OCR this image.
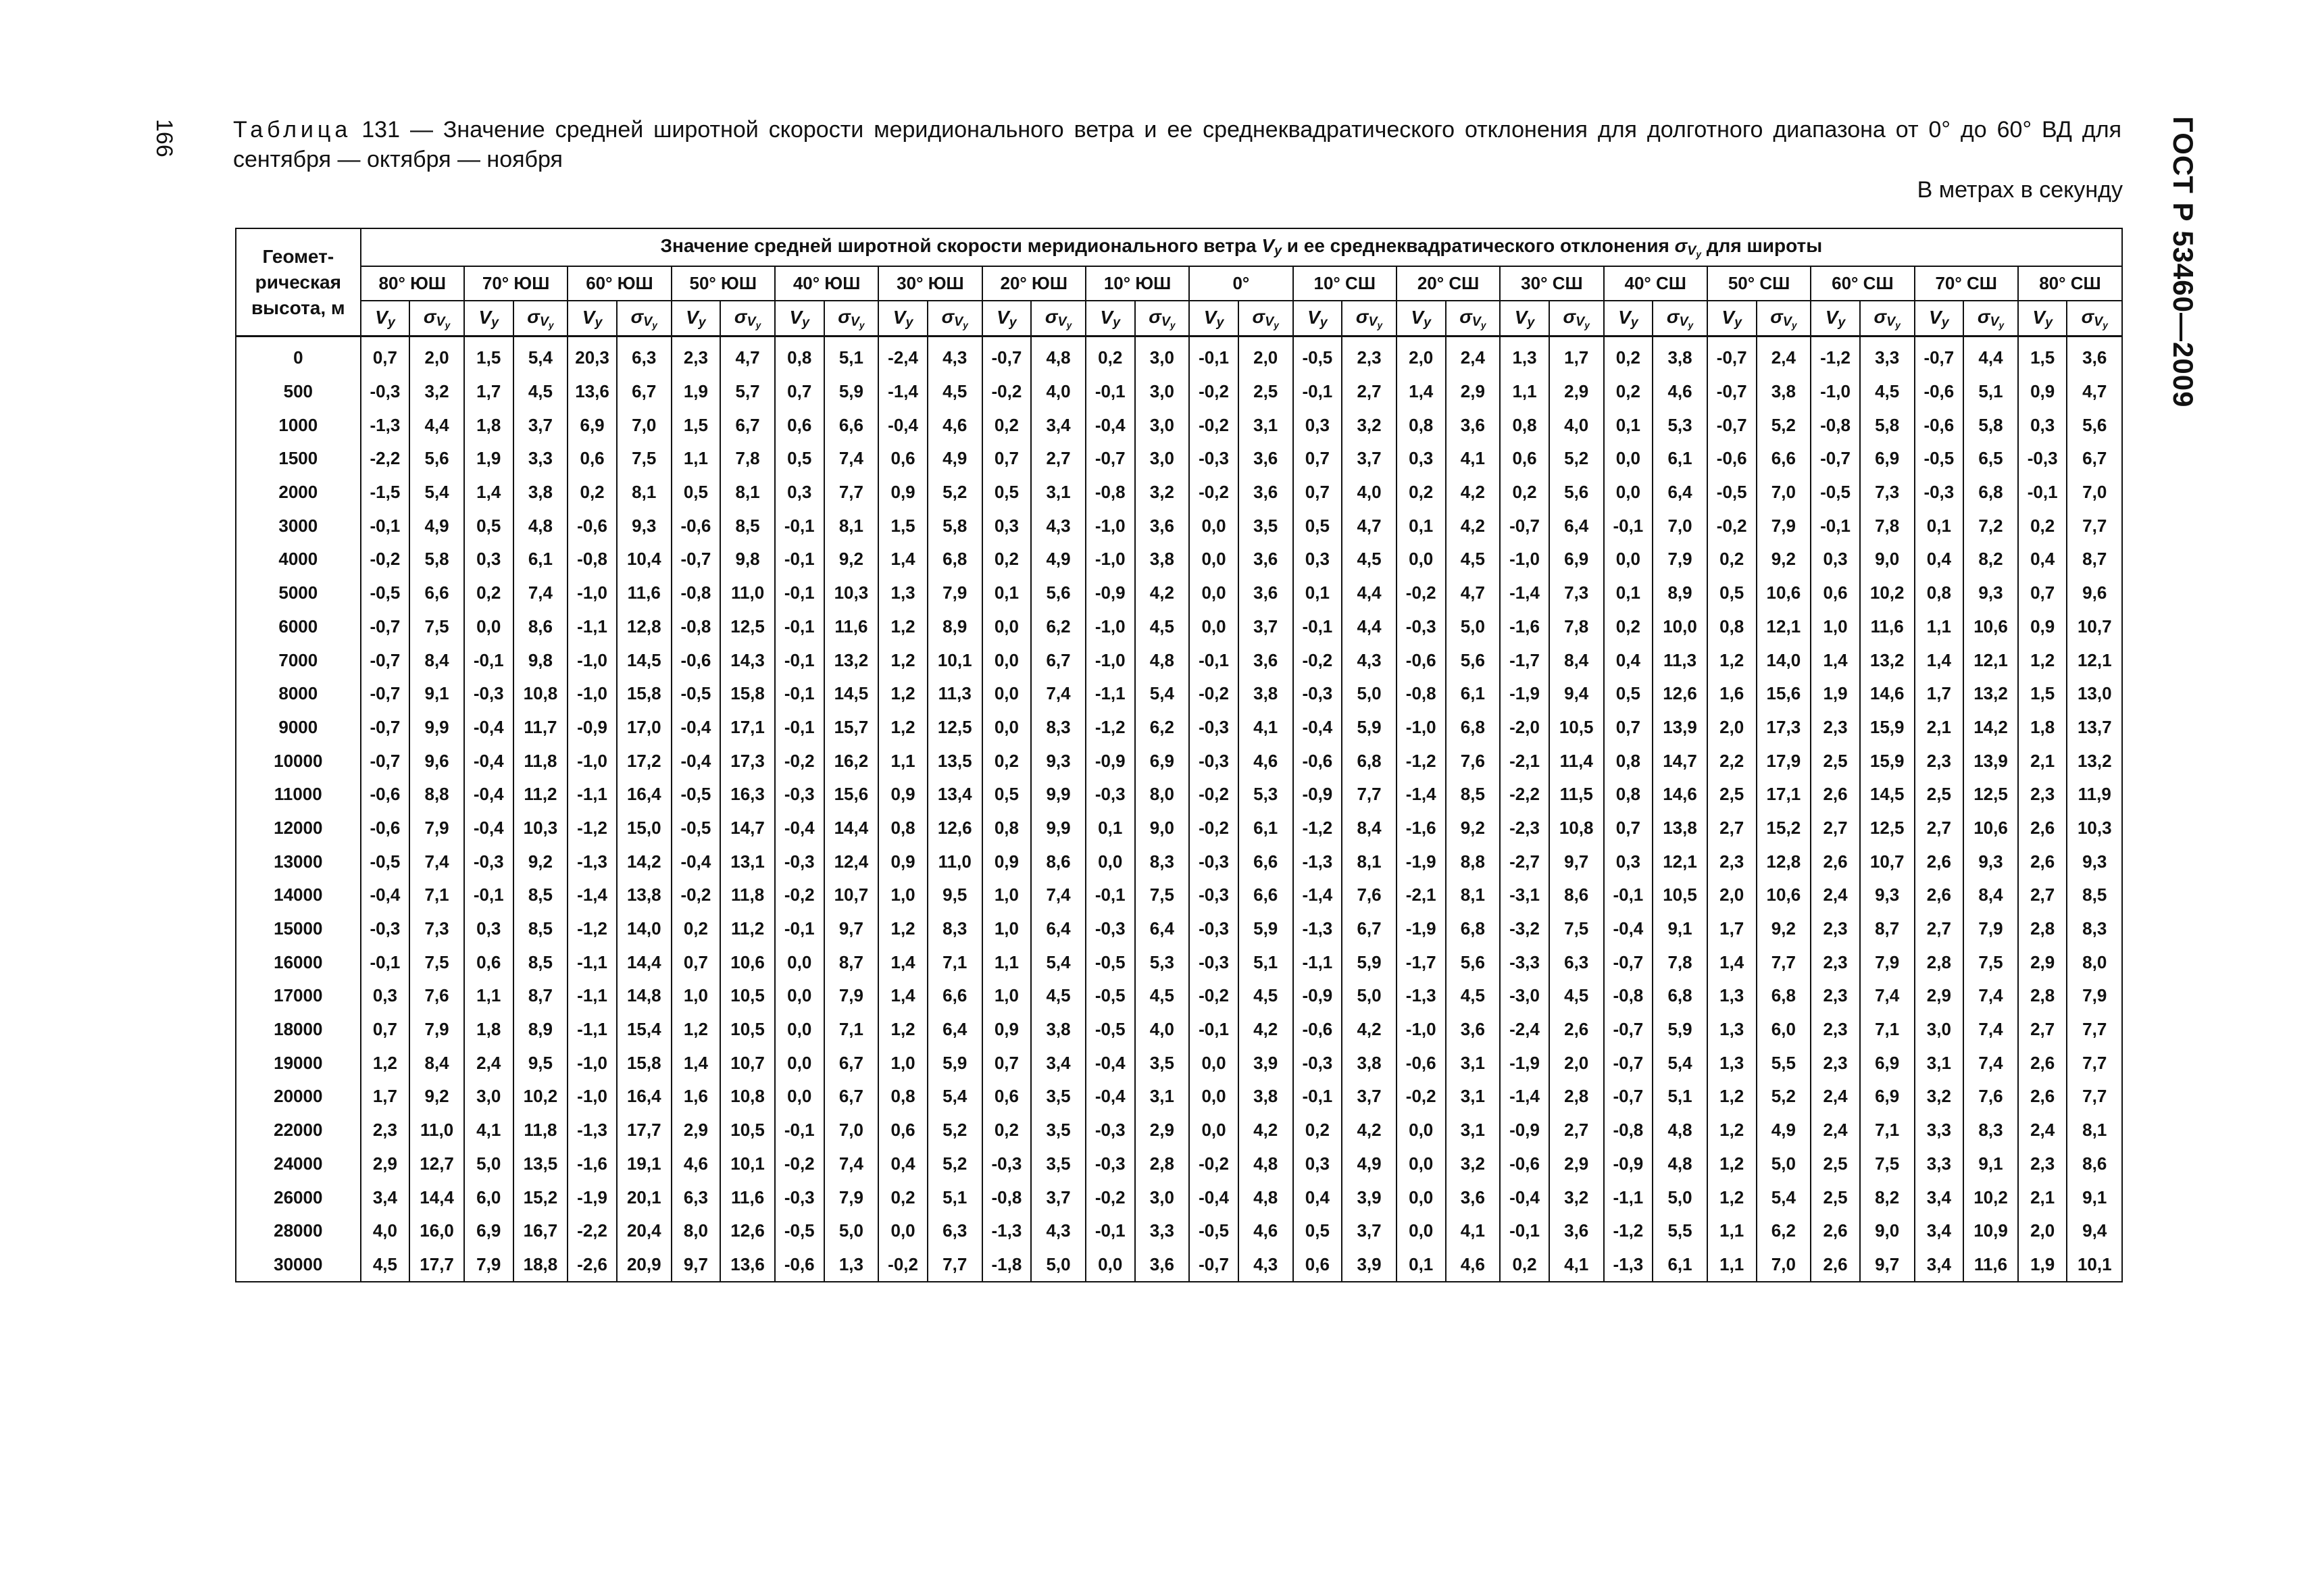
166	ГОСТ Р 53460—2009
Таблица 131 — Значение средней широтной скорости меридионального ветра и ее среднеквадратического отклонения для долготного диапазона от 0° до 60° ВД для сентября — октября — ноября
В метрах в секунду
Геомет-
рическая
высота, м	Значение средней широтной скорости меридионального ветра $V_y$ и ее среднеквадратического отклонения $\sigma_{V_y}$ для широты																																	
	80° ЮШ		70° ЮШ		60° ЮШ		50° ЮШ		40° ЮШ		30° ЮШ		20° ЮШ		10° ЮШ		0°		10° СШ		20° СШ		30° СШ		40° СШ		50° СШ		60° СШ		70° СШ		80° СШ	
	$V_y$	$\sigma_{V_y}$	$V_y$	$\sigma_{V_y}$	$V_y$	$\sigma_{V_y}$	$V_y$	$\sigma_{V_y}$	$V_y$	$\sigma_{V_y}$	$V_y$	$\sigma_{V_y}$	$V_y$	$\sigma_{V_y}$	$V_y$	$\sigma_{V_y}$	$V_y$	$\sigma_{V_y}$	$V_y$	$\sigma_{V_y}$	$V_y$	$\sigma_{V_y}$	$V_y$	$\sigma_{V_y}$	$V_y$	$\sigma_{V_y}$	$V_y$	$\sigma_{V_y}$	$V_y$	$\sigma_{V_y}$	$V_y$	$\sigma_{V_y}$	$V_y$	$\sigma_{V_y}$

0	0,7	2,0	1,5	5,4	20,3	6,3	2,3	4,7	0,8	5,1	-2,4	4,3	-0,7	4,8	0,2	3,0	-0,1	2,0	-0,5	2,3	2,0	2,4	1,3	1,7	0,2	3,8	-0,7	2,4	-1,2	3,3	-0,7	4,4	1,5	3,6
500	-0,3	3,2	1,7	4,5	13,6	6,7	1,9	5,7	0,7	5,9	-1,4	4,5	-0,2	4,0	-0,1	3,0	-0,2	2,5	-0,1	2,7	1,4	2,9	1,1	2,9	0,2	4,6	-0,7	3,8	-1,0	4,5	-0,6	5,1	0,9	4,7
1000	-1,3	4,4	1,8	3,7	6,9	7,0	1,5	6,7	0,6	6,6	-0,4	4,6	0,2	3,4	-0,4	3,0	-0,2	3,1	0,3	3,2	0,8	3,6	0,8	4,0	0,1	5,3	-0,7	5,2	-0,8	5,8	-0,6	5,8	0,3	5,6
1500	-2,2	5,6	1,9	3,3	0,6	7,5	1,1	7,8	0,5	7,4	0,6	4,9	0,7	2,7	-0,7	3,0	-0,3	3,6	0,7	3,7	0,3	4,1	0,6	5,2	0,0	6,1	-0,6	6,6	-0,7	6,9	-0,5	6,5	-0,3	6,7
2000	-1,5	5,4	1,4	3,8	0,2	8,1	0,5	8,1	0,3	7,7	0,9	5,2	0,5	3,1	-0,8	3,2	-0,2	3,6	0,7	4,0	0,2	4,2	0,2	5,6	0,0	6,4	-0,5	7,0	-0,5	7,3	-0,3	6,8	-0,1	7,0
3000	-0,1	4,9	0,5	4,8	-0,6	9,3	-0,6	8,5	-0,1	8,1	1,5	5,8	0,3	4,3	-1,0	3,6	0,0	3,5	0,5	4,7	0,1	4,2	-0,7	6,4	-0,1	7,0	-0,2	7,9	-0,1	7,8	0,1	7,2	0,2	7,7
4000	-0,2	5,8	0,3	6,1	-0,8	10,4	-0,7	9,8	-0,1	9,2	1,4	6,8	0,2	4,9	-1,0	3,8	0,0	3,6	0,3	4,5	0,0	4,5	-1,0	6,9	0,0	7,9	0,2	9,2	0,3	9,0	0,4	8,2	0,4	8,7
5000	-0,5	6,6	0,2	7,4	-1,0	11,6	-0,8	11,0	-0,1	10,3	1,3	7,9	0,1	5,6	-0,9	4,2	0,0	3,6	0,1	4,4	-0,2	4,7	-1,4	7,3	0,1	8,9	0,5	10,6	0,6	10,2	0,8	9,3	0,7	9,6
6000	-0,7	7,5	0,0	8,6	-1,1	12,8	-0,8	12,5	-0,1	11,6	1,2	8,9	0,0	6,2	-1,0	4,5	0,0	3,7	-0,1	4,4	-0,3	5,0	-1,6	7,8	0,2	10,0	0,8	12,1	1,0	11,6	1,1	10,6	0,9	10,7
7000	-0,7	8,4	-0,1	9,8	-1,0	14,5	-0,6	14,3	-0,1	13,2	1,2	10,1	0,0	6,7	-1,0	4,8	-0,1	3,6	-0,2	4,3	-0,6	5,6	-1,7	8,4	0,4	11,3	1,2	14,0	1,4	13,2	1,4	12,1	1,2	12,1
8000	-0,7	9,1	-0,3	10,8	-1,0	15,8	-0,5	15,8	-0,1	14,5	1,2	11,3	0,0	7,4	-1,1	5,4	-0,2	3,8	-0,3	5,0	-0,8	6,1	-1,9	9,4	0,5	12,6	1,6	15,6	1,9	14,6	1,7	13,2	1,5	13,0
9000	-0,7	9,9	-0,4	11,7	-0,9	17,0	-0,4	17,1	-0,1	15,7	1,2	12,5	0,0	8,3	-1,2	6,2	-0,3	4,1	-0,4	5,9	-1,0	6,8	-2,0	10,5	0,7	13,9	2,0	17,3	2,3	15,9	2,1	14,2	1,8	13,7
10000	-0,7	9,6	-0,4	11,8	-1,0	17,2	-0,4	17,3	-0,2	16,2	1,1	13,5	0,2	9,3	-0,9	6,9	-0,3	4,6	-0,6	6,8	-1,2	7,6	-2,1	11,4	0,8	14,7	2,2	17,9	2,5	15,9	2,3	13,9	2,1	13,2
11000	-0,6	8,8	-0,4	11,2	-1,1	16,4	-0,5	16,3	-0,3	15,6	0,9	13,4	0,5	9,9	-0,3	8,0	-0,2	5,3	-0,9	7,7	-1,4	8,5	-2,2	11,5	0,8	14,6	2,5	17,1	2,6	14,5	2,5	12,5	2,3	11,9
12000	-0,6	7,9	-0,4	10,3	-1,2	15,0	-0,5	14,7	-0,4	14,4	0,8	12,6	0,8	9,9	0,1	9,0	-0,2	6,1	-1,2	8,4	-1,6	9,2	-2,3	10,8	0,7	13,8	2,7	15,2	2,7	12,5	2,7	10,6	2,6	10,3
13000	-0,5	7,4	-0,3	9,2	-1,3	14,2	-0,4	13,1	-0,3	12,4	0,9	11,0	0,9	8,6	0,0	8,3	-0,3	6,6	-1,3	8,1	-1,9	8,8	-2,7	9,7	0,3	12,1	2,3	12,8	2,6	10,7	2,6	9,3	2,6	9,3
14000	-0,4	7,1	-0,1	8,5	-1,4	13,8	-0,2	11,8	-0,2	10,7	1,0	9,5	1,0	7,4	-0,1	7,5	-0,3	6,6	-1,4	7,6	-2,1	8,1	-3,1	8,6	-0,1	10,5	2,0	10,6	2,4	9,3	2,6	8,4	2,7	8,5
15000	-0,3	7,3	0,3	8,5	-1,2	14,0	0,2	11,2	-0,1	9,7	1,2	8,3	1,0	6,4	-0,3	6,4	-0,3	5,9	-1,3	6,7	-1,9	6,8	-3,2	7,5	-0,4	9,1	1,7	9,2	2,3	8,7	2,7	7,9	2,8	8,3
16000	-0,1	7,5	0,6	8,5	-1,1	14,4	0,7	10,6	0,0	8,7	1,4	7,1	1,1	5,4	-0,5	5,3	-0,3	5,1	-1,1	5,9	-1,7	5,6	-3,3	6,3	-0,7	7,8	1,4	7,7	2,3	7,9	2,8	7,5	2,9	8,0
17000	0,3	7,6	1,1	8,7	-1,1	14,8	1,0	10,5	0,0	7,9	1,4	6,6	1,0	4,5	-0,5	4,5	-0,2	4,5	-0,9	5,0	-1,3	4,5	-3,0	4,5	-0,8	6,8	1,3	6,8	2,3	7,4	2,9	7,4	2,8	7,9
18000	0,7	7,9	1,8	8,9	-1,1	15,4	1,2	10,5	0,0	7,1	1,2	6,4	0,9	3,8	-0,5	4,0	-0,1	4,2	-0,6	4,2	-1,0	3,6	-2,4	2,6	-0,7	5,9	1,3	6,0	2,3	7,1	3,0	7,4	2,7	7,7
19000	1,2	8,4	2,4	9,5	-1,0	15,8	1,4	10,7	0,0	6,7	1,0	5,9	0,7	3,4	-0,4	3,5	0,0	3,9	-0,3	3,8	-0,6	3,1	-1,9	2,0	-0,7	5,4	1,3	5,5	2,3	6,9	3,1	7,4	2,6	7,7
20000	1,7	9,2	3,0	10,2	-1,0	16,4	1,6	10,8	0,0	6,7	0,8	5,4	0,6	3,5	-0,4	3,1	0,0	3,8	-0,1	3,7	-0,2	3,1	-1,4	2,8	-0,7	5,1	1,2	5,2	2,4	6,9	3,2	7,6	2,6	7,7
22000	2,3	11,0	4,1	11,8	-1,3	17,7	2,9	10,5	-0,1	7,0	0,6	5,2	0,2	3,5	-0,3	2,9	0,0	4,2	0,2	4,2	0,0	3,1	-0,9	2,7	-0,8	4,8	1,2	4,9	2,4	7,1	3,3	8,3	2,4	8,1
24000	2,9	12,7	5,0	13,5	-1,6	19,1	4,6	10,1	-0,2	7,4	0,4	5,2	-0,3	3,5	-0,3	2,8	-0,2	4,8	0,3	4,9	0,0	3,2	-0,6	2,9	-0,9	4,8	1,2	5,0	2,5	7,5	3,3	9,1	2,3	8,6
26000	3,4	14,4	6,0	15,2	-1,9	20,1	6,3	11,6	-0,3	7,9	0,2	5,1	-0,8	3,7	-0,2	3,0	-0,4	4,8	0,4	3,9	0,0	3,6	-0,4	3,2	-1,1	5,0	1,2	5,4	2,5	8,2	3,4	10,2	2,1	9,1
28000	4,0	16,0	6,9	16,7	-2,2	20,4	8,0	12,6	-0,5	5,0	0,0	6,3	-1,3	4,3	-0,1	3,3	-0,5	4,6	0,5	3,7	0,0	4,1	-0,1	3,6	-1,2	5,5	1,1	6,2	2,6	9,0	3,4	10,9	2,0	9,4
30000	4,5	17,7	7,9	18,8	-2,6	20,9	9,7	13,6	-0,6	1,3	-0,2	7,7	-1,8	5,0	0,0	3,6	-0,7	4,3	0,6	3,9	0,1	4,6	0,2	4,1	-1,3	6,1	1,1	7,0	2,6	9,7	3,4	11,6	1,9	10,1
